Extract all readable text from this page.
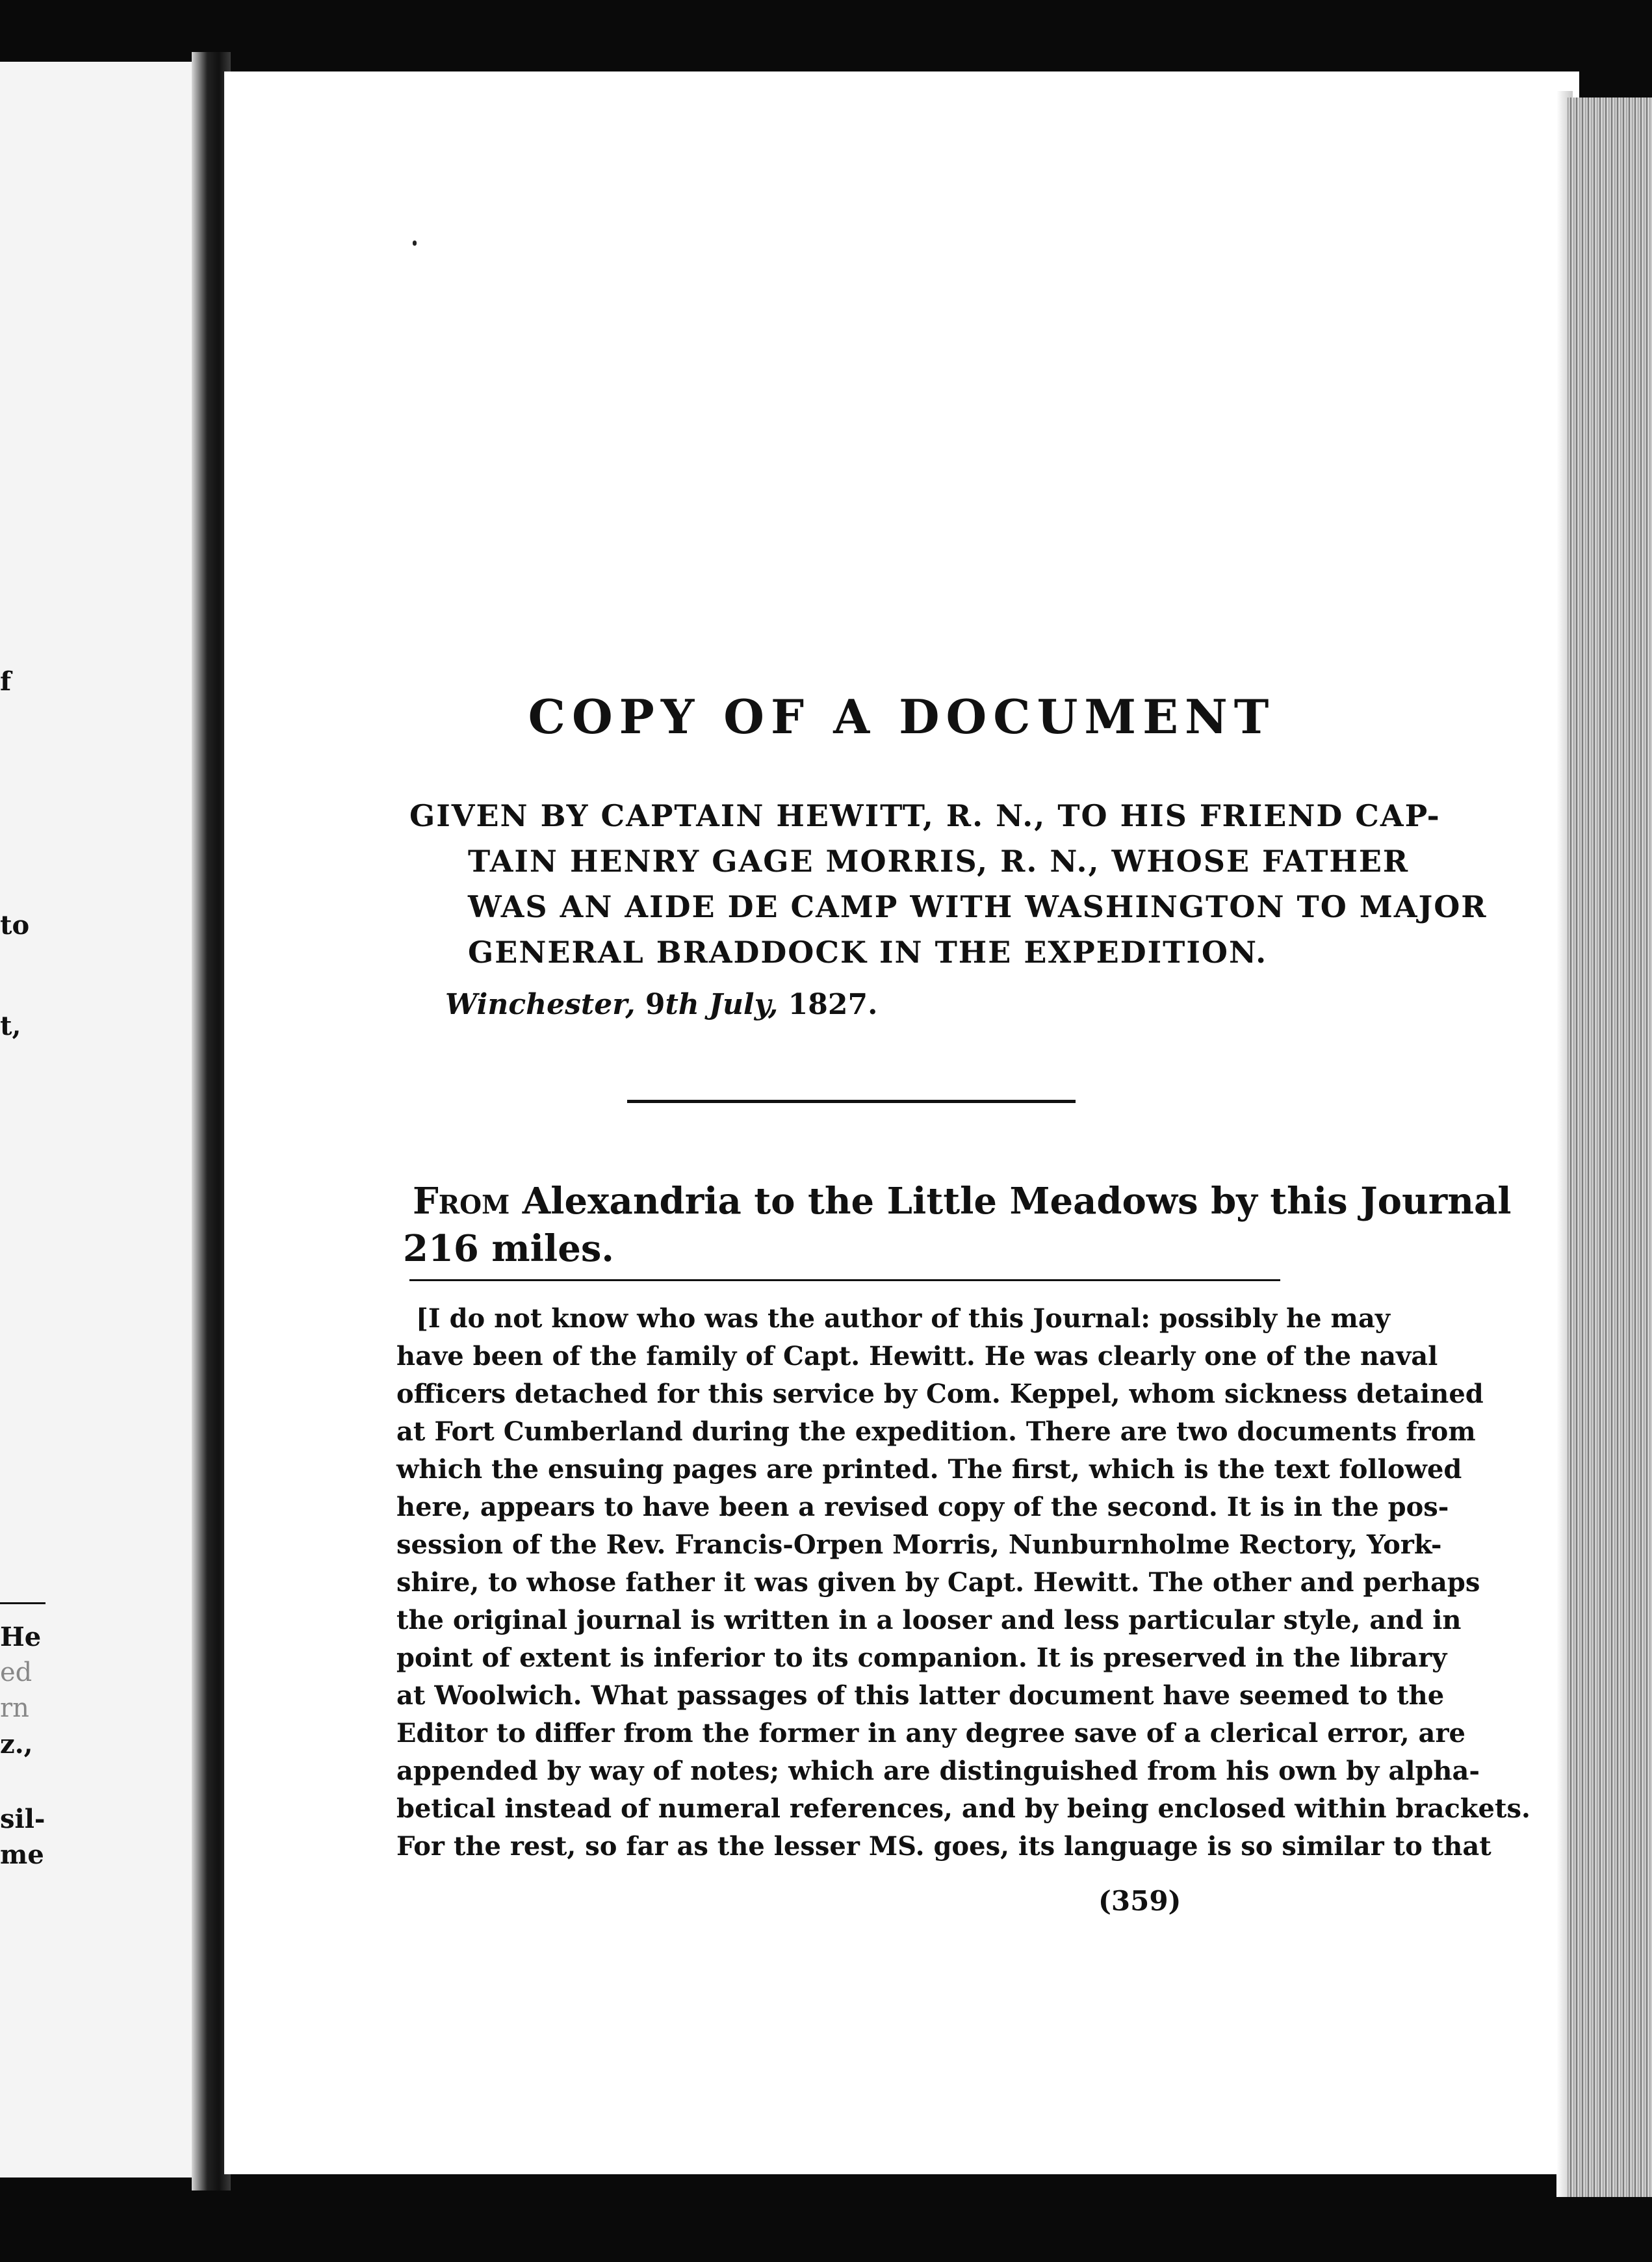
f
to
t,
He
ed
rn
z.,
sil-
me
COPY OF A DOCUMENT
GIVEN BY CAPTAIN HEWITT, R. N., TO HIS FRIEND CAP-
TAIN HENRY GAGE MORRIS, R. N., WHOSE FATHER
WAS AN AIDE DE CAMP WITH WASHINGTON TO MAJOR
GENERAL BRADDOCK IN THE EXPEDITION.
Winchester, 9th July, 1827.
From Alexandria to the Little Meadows by this Journal
216 miles.
[I do not know who was the author of this Journal: possibly he may
have been of the family of Capt. Hewitt. He was clearly one of the naval
officers detached for this service by Com. Keppel, whom sickness detained
at Fort Cumberland during the expedition. There are two documents from
which the ensuing pages are printed. The first, which is the text followed
here, appears to have been a revised copy of the second. It is in the pos-
session of the Rev. Francis-Orpen Morris, Nunburnholme Rectory, York-
shire, to whose father it was given by Capt. Hewitt. The other and perhaps
the original journal is written in a looser and less particular style, and in
point of extent is inferior to its companion. It is preserved in the library
at Woolwich. What passages of this latter document have seemed to the
Editor to differ from the former in any degree save of a clerical error, are
appended by way of notes; which are distinguished from his own by alpha-
betical instead of numeral references, and by being enclosed within brackets.
For the rest, so far as the lesser MS. goes, its language is so similar to that
(359)
